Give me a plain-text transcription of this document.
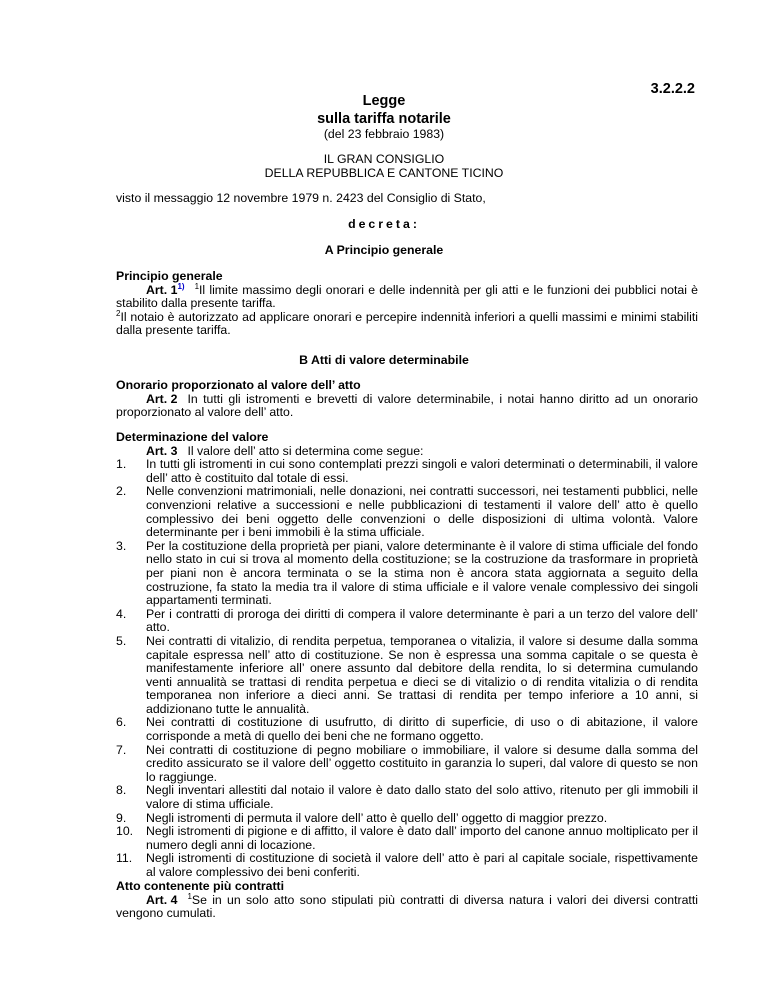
3.2.2.2
Legge
sulla tariffa notarile
(del 23 febbraio 1983)
IL GRAN CONSIGLIO
DELLA REPUBBLICA E CANTONE TICINO
visto il messaggio 12 novembre 1979 n. 2423 del Consiglio di Stato,
decreta:
A Principio generale
Principio generale
Art. 1$^{1)}$ $^1$Il limite massimo degli onorari e delle indennità per gli atti e le funzioni dei pubblici notai è stabilito dalla presente tariffa.
$^2$Il notaio è autorizzato ad applicare onorari e percepire indennità inferiori a quelli massimi e minimi stabiliti dalla presente tariffa.
B Atti di valore determinabile
Onorario proporzionato al valore dell’ atto
Art. 2 In tutti gli istromenti e brevetti di valore determinabile, i notai hanno diritto ad un onorario proporzionato al valore dell’ atto.
Determinazione del valore
Art. 3 Il valore dell’ atto si determina come segue:
1. In tutti gli istromenti in cui sono contemplati prezzi singoli e valori determinati o determinabili, il valore dell’ atto è costituito dal totale di essi.
2. Nelle convenzioni matrimoniali, nelle donazioni, nei contratti successori, nei testamenti pubblici, nelle convenzioni relative a successioni e nelle pubblicazioni di testamenti il valore dell’ atto è quello complessivo dei beni oggetto delle convenzioni o delle disposizioni di ultima volontà. Valore determinante per i beni immobili è la stima ufficiale.
3. Per la costituzione della proprietà per piani, valore determinante è il valore di stima ufficiale del fondo nello stato in cui si trova al momento della costituzione; se la costruzione da trasformare in proprietà per piani non è ancora terminata o se la stima non è ancora stata aggiornata a seguito della costruzione, fa stato la media tra il valore di stima ufficiale e il valore venale complessivo dei singoli appartamenti terminati.
4. Per i contratti di proroga dei diritti di compera il valore determinante è pari a un terzo del valore dell’ atto.
5. Nei contratti di vitalizio, di rendita perpetua, temporanea o vitalizia, il valore si desume dalla somma capitale espressa nell’ atto di costituzione. Se non è espressa una somma capitale o se questa è manifestamente inferiore all’ onere assunto dal debitore della rendita, lo si determina cumulando venti annualità se trattasi di rendita perpetua e dieci se di vitalizio o di rendita vitalizia o di rendita temporanea non inferiore a dieci anni. Se trattasi di rendita per tempo inferiore a 10 anni, si addizionano tutte le annualità.
6. Nei contratti di costituzione di usufrutto, di diritto di superficie, di uso o di abitazione, il valore corrisponde a metà di quello dei beni che ne formano oggetto.
7. Nei contratti di costituzione di pegno mobiliare o immobiliare, il valore si desume dalla somma del credito assicurato se il valore dell’ oggetto costituito in garanzia lo superi, dal valore di questo se non lo raggiunge.
8. Negli inventari allestiti dal notaio il valore è dato dallo stato del solo attivo, ritenuto per gli immobili il valore di stima ufficiale.
9. Negli istromenti di permuta il valore dell’ atto è quello dell’ oggetto di maggior prezzo.
10. Negli istromenti di pigione e di affitto, il valore è dato dall’ importo del canone annuo moltiplicato per il numero degli anni di locazione.
11. Negli istromenti di costituzione di società il valore dell’ atto è pari al capitale sociale, rispettivamente al valore complessivo dei beni conferiti.
Atto contenente più contratti
Art. 4 $^1$Se in un solo atto sono stipulati più contratti di diversa natura i valori dei diversi contratti vengono cumulati.
